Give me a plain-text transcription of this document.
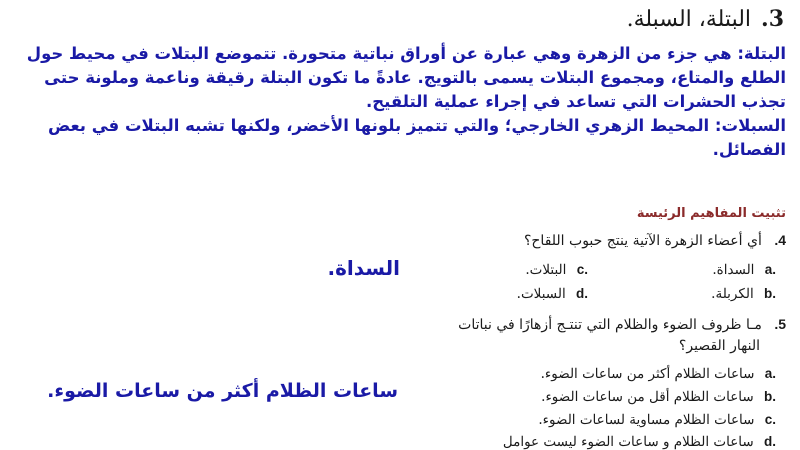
.3
البتلة، السبلة.

البتلة: هي جزء من الزهرة وهي عبارة عن أوراق نباتية متحورة. تتموضع البتلات في محيط حول الطلع والمتاع، ومجموع البتلات يسمى بالتويج. عادةً ما تكون البتلة رقيقة وناعمة وملونة حتى تجذب الحشرات التي تساعد في إجراء عملية التلقيح.

السبلات: المحيط الزهري الخارجي؛ والتي تتميز بلونها الأخضر، ولكنها تشبه البتلات في بعض الفصائل.

تثبيت المفاهيم الرئيسة
.4 أي أعضاء الزهرة الآتية ينتج حبوب اللقاح؟
a. السداة.
c. البتلات.
b. الكربلة.
d. السبلات.
السداة.
.5 مـا ظروف الضوء والظلام التي تنتـج أزهارًا في نباتات
النهار القصير؟
a. ساعات الظلام أكثر من ساعات الضوء.
b. ساعات الظلام أقل من ساعات الضوء.
c. ساعات الظلام مساوية لساعات الضوء.
d. ساعات الظلام و ساعات الضوء ليست عوامل
ساعات الظلام أكثر من ساعات الضوء.
